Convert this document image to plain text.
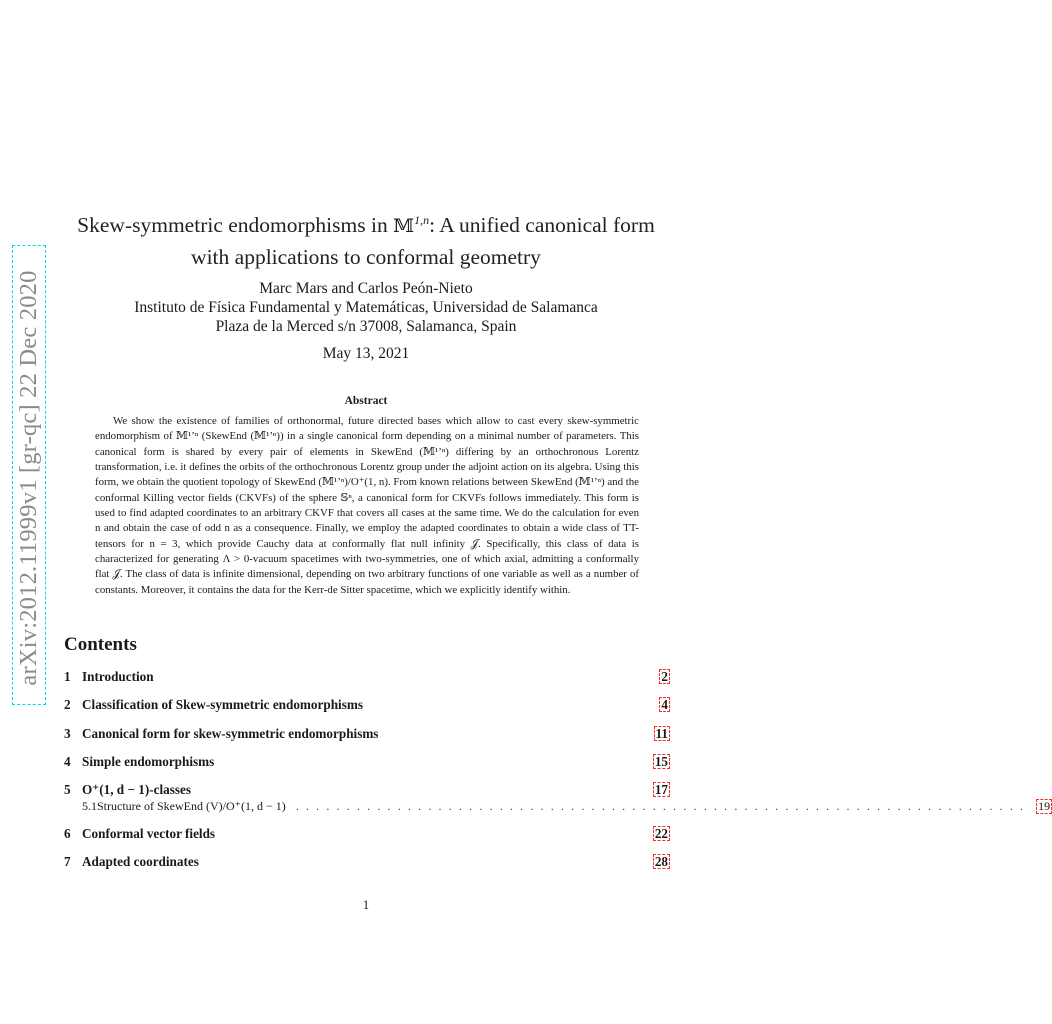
arXiv:2012.11999v1 [gr-qc] 22 Dec 2020
Skew-symmetric endomorphisms in 𝕄$^{1,n}$: A unified canonical form
with applications to conformal geometry
Marc Mars and Carlos Peón-Nieto
Instituto de Física Fundamental y Matemáticas, Universidad de Salamanca
Plaza de la Merced s/n 37008, Salamanca, Spain
May 13, 2021
Abstract

We show the existence of families of orthonormal, future directed bases which allow to cast every skew-symmetric endomorphism of 𝕄¹ʼⁿ (SkewEnd (𝕄¹ʼⁿ)) in a single canonical form depending on a minimal number of parameters. This canonical form is shared by every pair of elements in SkewEnd (𝕄¹ʼⁿ) differing by an orthochronous Lorentz transformation, i.e. it defines the orbits of the orthochronous Lorentz group under the adjoint action on its algebra. Using this form, we obtain the quotient topology of SkewEnd (𝕄¹ʼⁿ)/O⁺(1, n). From known relations between SkewEnd (𝕄¹ʼⁿ) and the conformal Killing vector fields (CKVFs) of the sphere 𝕊ⁿ, a canonical form for CKVFs follows immediately. This form is used to find adapted coordinates to an arbitrary CKVF that covers all cases at the same time. We do the calculation for even n and obtain the case of odd n as a consequence. Finally, we employ the adapted coordinates to obtain a wide class of TT-tensors for n = 3, which provide Cauchy data at conformally flat null infinity 𝒥. Specifically, this class of data is characterized for generating Λ > 0-vacuum spacetimes with two-symmetries, one of which axial, admitting a conformally flat 𝒥. The class of data is infinite dimensional, depending on two arbitrary functions of one variable as well as a number of constants. Moreover, it contains the data for the Kerr-de Sitter spacetime, which we explicitly identify within.

Contents
1 Introduction	2
2 Classification of Skew-symmetric endomorphisms	4
3 Canonical form for skew-symmetric endomorphisms	11
4 Simple endomorphisms	15
5 O⁺(1, d − 1)-classes	17
5.1 Structure of SkewEnd (V)/O⁺(1, d − 1) ........................................................................ 19
6 Conformal vector fields	22
7 Adapted coordinates	28
1
